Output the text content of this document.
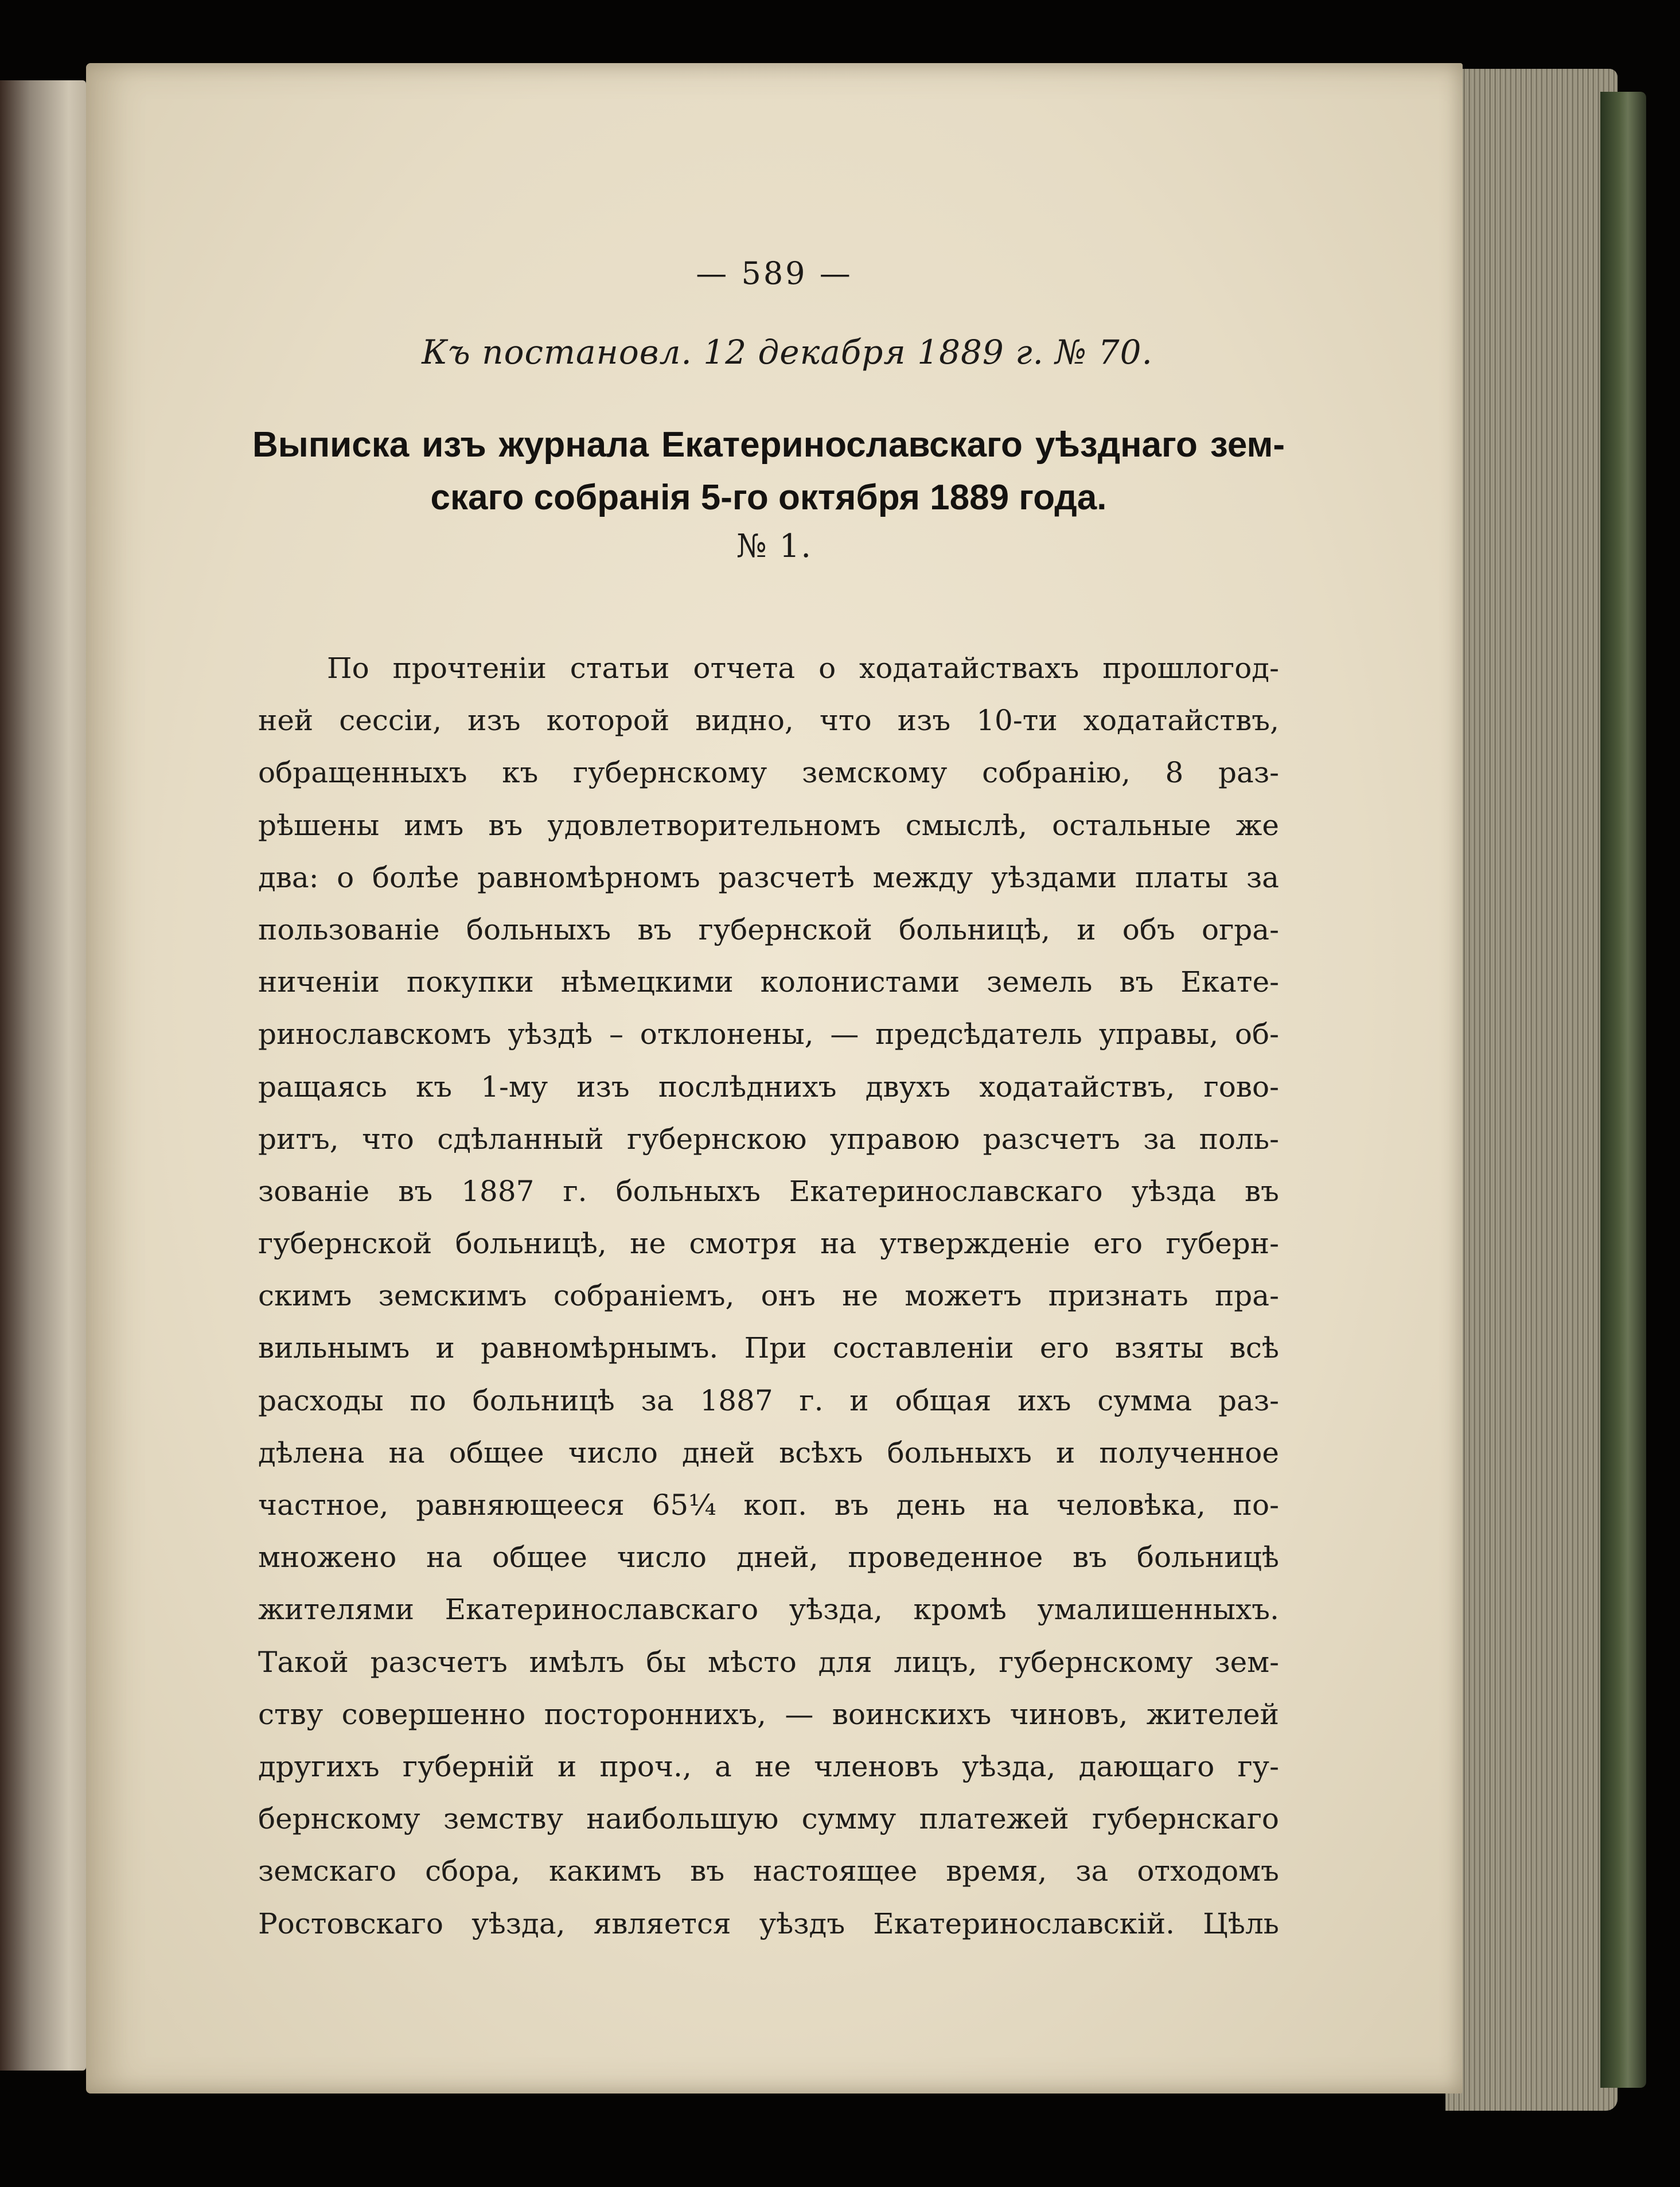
— 589 —
Къ постановл. 12 декабря 1889 г. № 70.
Выписка изъ журнала Екатеринославскаго уѣзднаго зем-
скаго собранія 5-го октября 1889 года.
№ 1.
По прочтеніи статьи отчета о ходатайствахъ прошлогод-
ней сессіи, изъ которой видно, что изъ 10-ти ходатайствъ,
обращенныхъ къ губернскому земскому собранію, 8 раз-
рѣшены имъ въ удовлетворительномъ смыслѣ, остальные же
два: о болѣе равномѣрномъ разсчетѣ между уѣздами платы за
пользованіе больныхъ въ губернской больницѣ, и объ огра-
ниченіи покупки нѣмецкими колонистами земель въ Екате-
ринославскомъ уѣздѣ – отклонены, — предсѣдатель управы, об-
ращаясь къ 1-му изъ послѣднихъ двухъ ходатайствъ, гово-
ритъ, что сдѣланный губернскою управою разсчетъ за поль-
зованіе въ 1887 г. больныхъ Екатеринославскаго уѣзда въ
губернской больницѣ, не смотря на утвержденіе его губерн-
скимъ земскимъ собраніемъ, онъ не можетъ признать пра-
вильнымъ и равномѣрнымъ. При составленіи его взяты всѣ
расходы по больницѣ за 1887 г. и общая ихъ сумма раз-
дѣлена на общее число дней всѣхъ больныхъ и полученное
частное, равняющееся 65¼ коп. въ день на человѣка, по-
множено на общее число дней, проведенное въ больницѣ
жителями Екатеринославскаго уѣзда, кромѣ умалишенныхъ.
Такой разсчетъ имѣлъ бы мѣсто для лицъ, губернскому зем-
ству совершенно постороннихъ, — воинскихъ чиновъ, жителей
другихъ губерній и проч., а не членовъ уѣзда, дающаго гу-
бернскому земству наибольшую сумму платежей губернскаго
земскаго сбора, какимъ въ настоящее время, за отходомъ
Ростовскаго уѣзда, является уѣздъ Екатеринославскій. Цѣль
